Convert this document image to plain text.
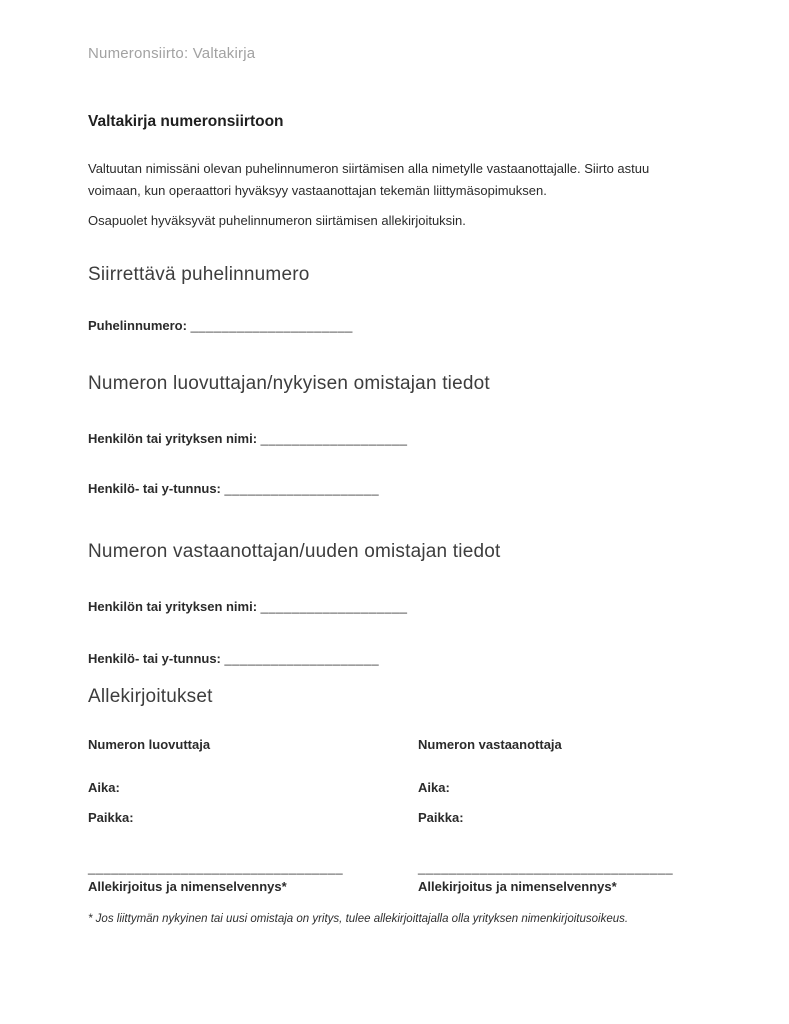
Numeronsiirto: Valtakirja
Valtakirja numeronsiirtoon

Valtuutan nimissäni olevan puhelinnumeron siirtämisen alla nimetylle vastaanottajalle. Siirto astuu voimaan, kun operaattori hyväksyy vastaanottajan tekemän liittymäsopimuksen.

Osapuolet hyväksyvät puhelinnumeron siirtämisen allekirjoituksin.

Siirrettävä puhelinnumero
Puhelinnumero: _____________________
Numeron luovuttajan/nykyisen omistajan tiedot
Henkilön tai yrityksen nimi: ___________________
Henkilö- tai y-tunnus: ____________________
Numeron vastaanottajan/uuden omistajan tiedot
Henkilön tai yrityksen nimi: ___________________
Henkilö- tai y-tunnus: ____________________
Allekirjoitukset
Numeron luovuttaja
Aika:
Paikka:
_________________________________
Allekirjoitus ja nimenselvennys*
Numeron vastaanottaja
Aika:
Paikka:
_________________________________
Allekirjoitus ja nimenselvennys*
* Jos liittymän nykyinen tai uusi omistaja on yritys, tulee allekirjoittajalla olla yrityksen nimenkirjoitusoikeus.
